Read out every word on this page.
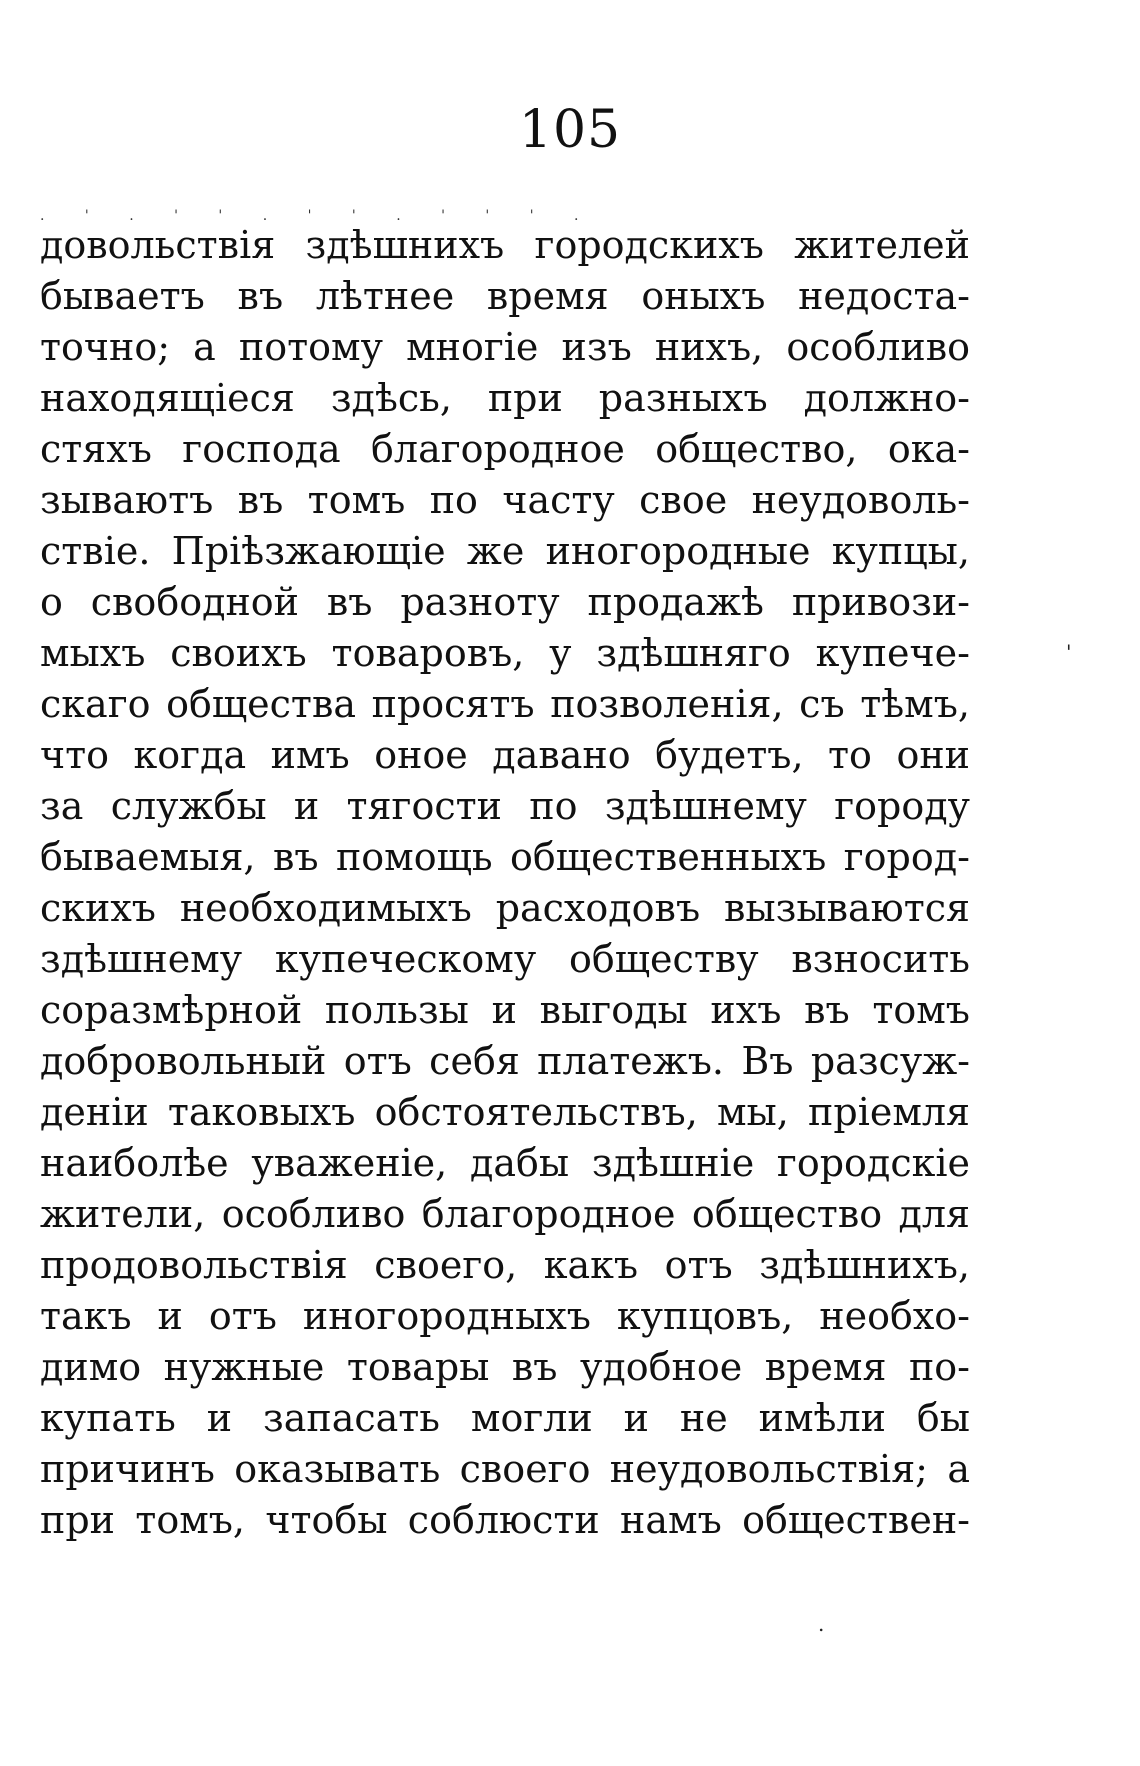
105
. ' . ' ' . ' ' . ' ' ' .
довольствія здѣшнихъ городскихъ жителей
бываетъ въ лѣтнее время оныхъ недоста-
точно; а потому многіе изъ нихъ, особливо
находящіеся здѣсь, при разныхъ должно-
стяхъ господа благородное общество, ока-
зываютъ въ томъ по часту свое неудоволь-
ствіе. Пріѣзжающіе же иногородные купцы,
о свободной въ разноту продажѣ привози-
мыхъ своихъ товаровъ, у здѣшняго купече-
скаго общества просятъ позволенія, съ тѣмъ,
что когда имъ оное давано будетъ, то они
за службы и тягости по здѣшнему городу
бываемыя, въ помощь общественныхъ город-
скихъ необходимыхъ расходовъ вызываются
здѣшнему купеческому обществу взносить
соразмѣрной пользы и выгоды ихъ въ томъ
добровольный отъ себя платежъ. Въ разсуж-
деніи таковыхъ обстоятельствъ, мы, пріемля
наиболѣе уваженіе, дабы здѣшніе городскіе
жители, особливо благородное общество для
продовольствія своего, какъ отъ здѣшнихъ,
такъ и отъ иногородныхъ купцовъ, необхо-
димо нужные товары въ удобное время по-
купать и запасать могли и не имѣли бы
причинъ оказывать своего неудовольствія; а
при томъ, чтобы соблюсти намъ обществен-
'
.
